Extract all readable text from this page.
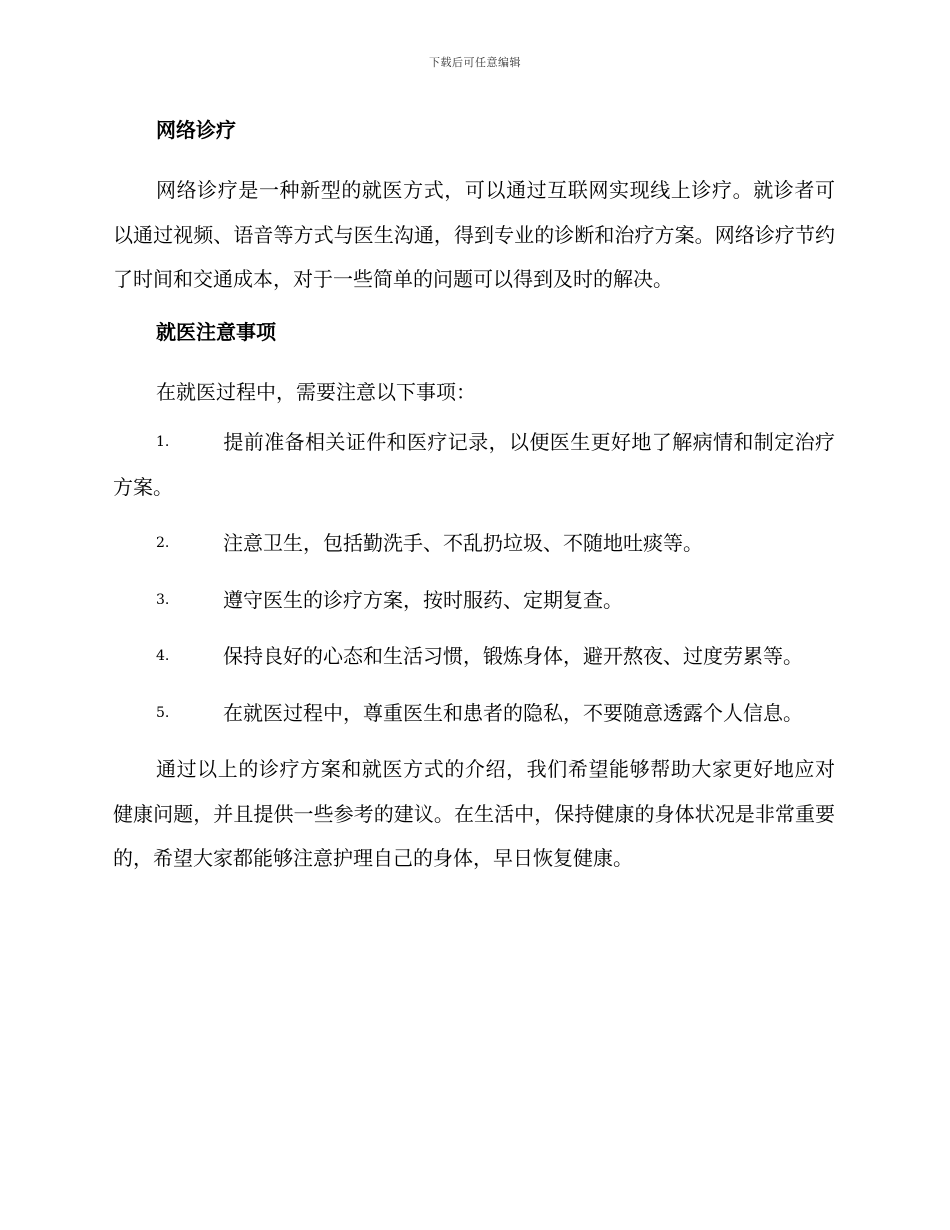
下载后可任意编辑
网络诊疗

网络诊疗是一种新型的就医方式，可以通过互联网实现线上诊疗。就诊者可以通过视频、语音等方式与医生沟通，得到专业的诊断和治疗方案。网络诊疗节约了时间和交通成本，对于一些简单的问题可以得到及时的解决。

就医注意事项

在就医过程中，需要注意以下事项：

1.	提前准备相关证件和医疗记录，以便医生更好地了解病情和制定治疗方案。

2.	注意卫生，包括勤洗手、不乱扔垃圾、不随地吐痰等。

3.	遵守医生的诊疗方案，按时服药、定期复查。

4.	保持良好的心态和生活习惯，锻炼身体，避开熬夜、过度劳累等。

5.	在就医过程中，尊重医生和患者的隐私，不要随意透露个人信息。

通过以上的诊疗方案和就医方式的介绍，我们希望能够帮助大家更好地应对健康问题，并且提供一些参考的建议。在生活中，保持健康的身体状况是非常重要的，希望大家都能够注意护理自己的身体，早日恢复健康。
